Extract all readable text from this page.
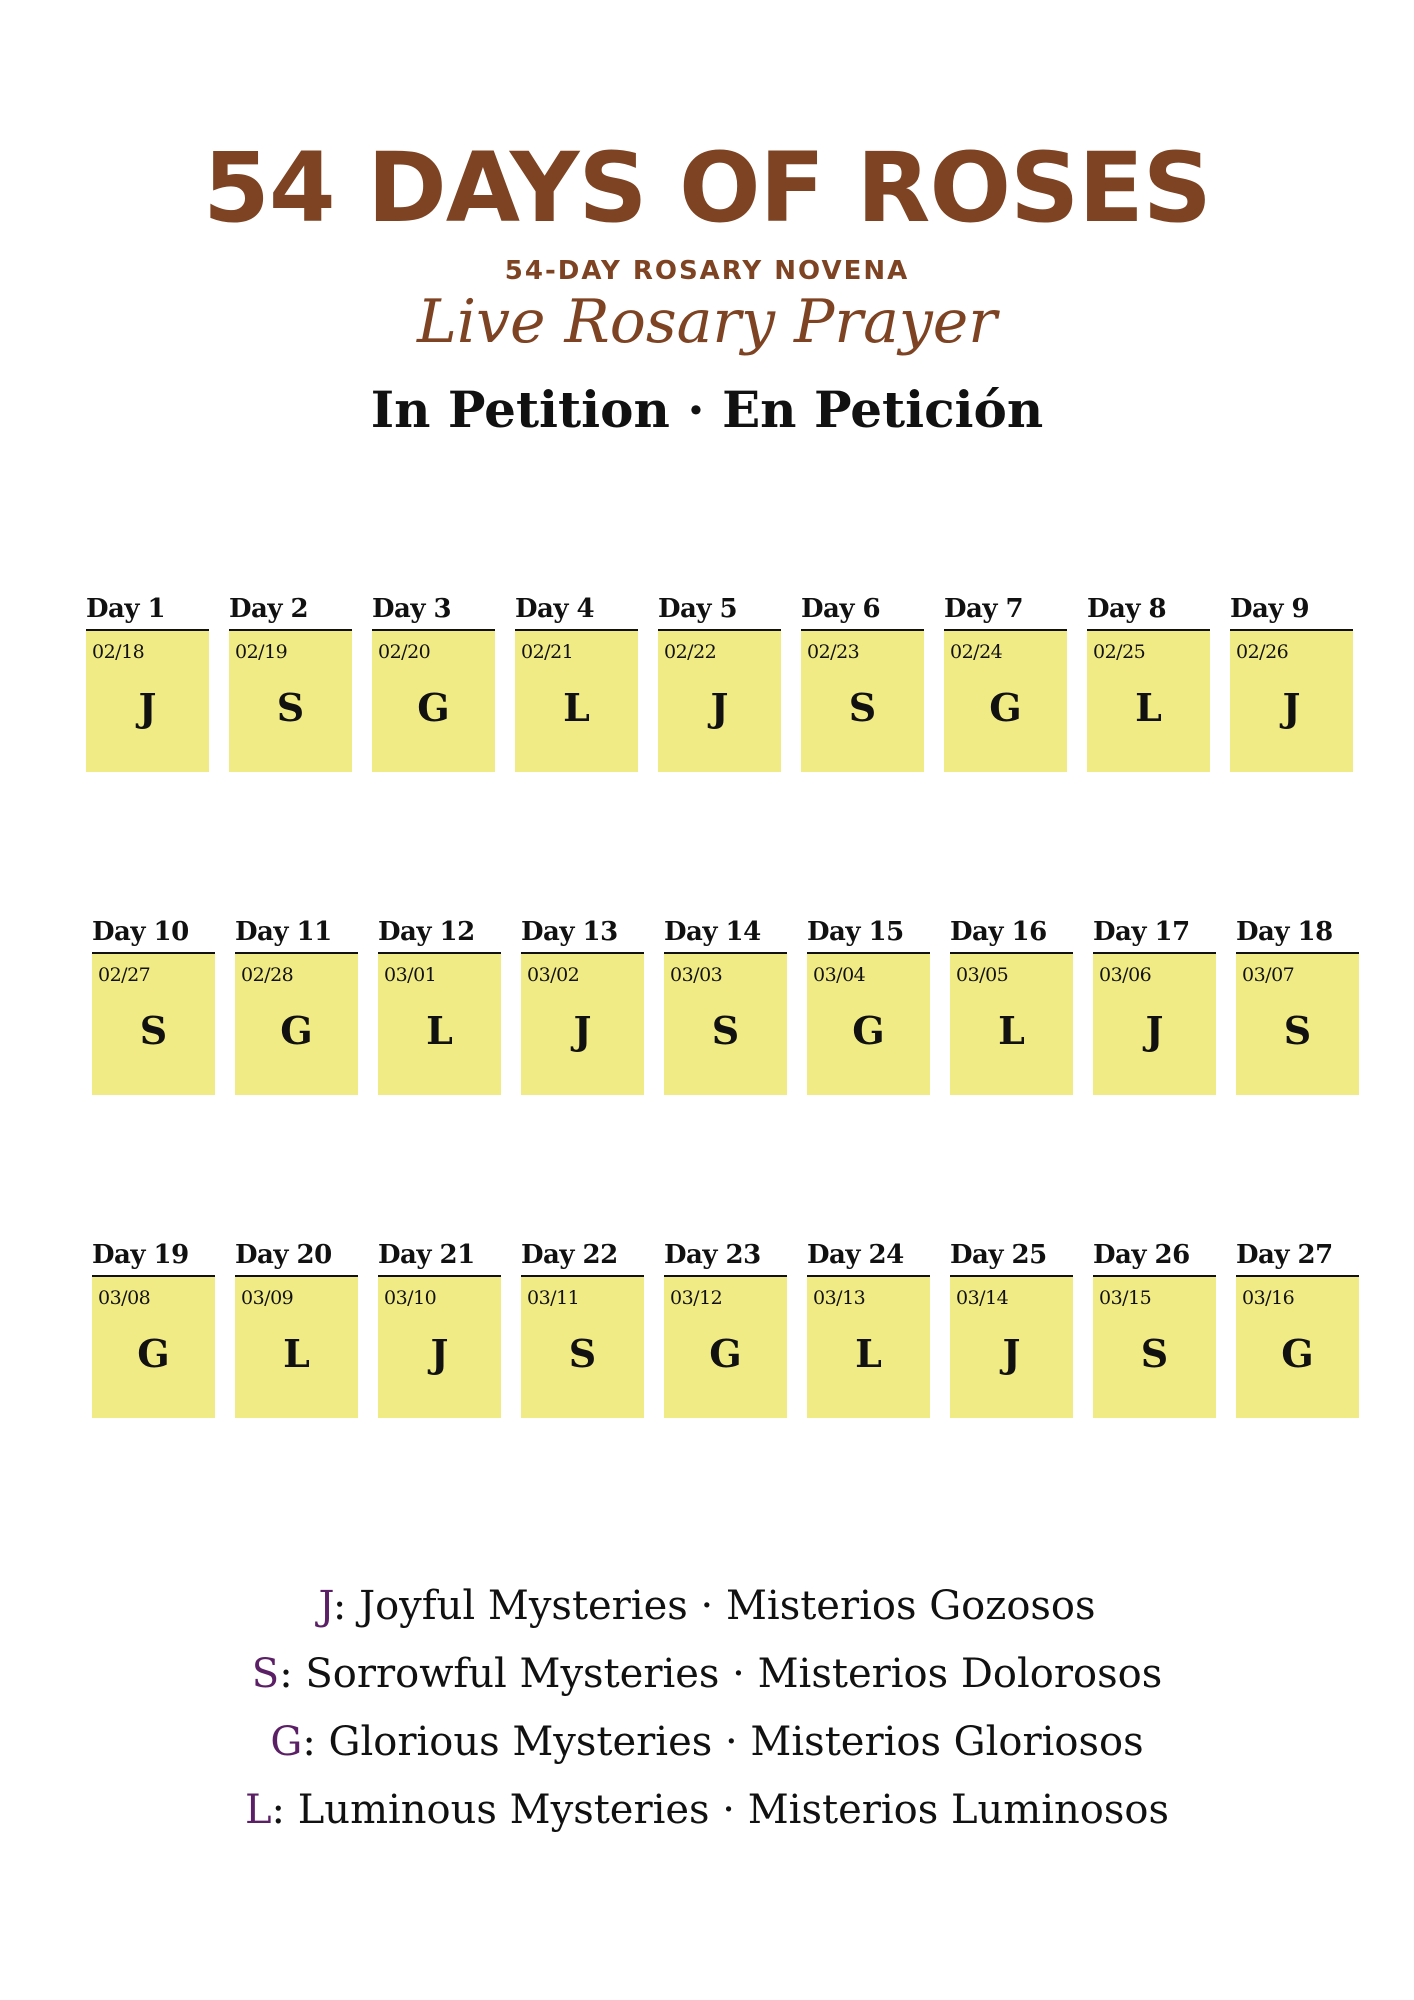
54 DAYS OF ROSES
54-DAY ROSARY NOVENA
Live Rosary Prayer
In Petition · En Petición
Day 1
02/18
J
Day 2
02/19
S
Day 3
02/20
G
Day 4
02/21
L
Day 5
02/22
J
Day 6
02/23
S
Day 7
02/24
G
Day 8
02/25
L
Day 9
02/26
J
Day 10
02/27
S
Day 11
02/28
G
Day 12
03/01
L
Day 13
03/02
J
Day 14
03/03
S
Day 15
03/04
G
Day 16
03/05
L
Day 17
03/06
J
Day 18
03/07
S
Day 19
03/08
G
Day 20
03/09
L
Day 21
03/10
J
Day 22
03/11
S
Day 23
03/12
G
Day 24
03/13
L
Day 25
03/14
J
Day 26
03/15
S
Day 27
03/16
G
J: Joyful Mysteries · Misterios Gozosos
S: Sorrowful Mysteries · Misterios Dolorosos
G: Glorious Mysteries · Misterios Gloriosos
L: Luminous Mysteries · Misterios Luminosos
